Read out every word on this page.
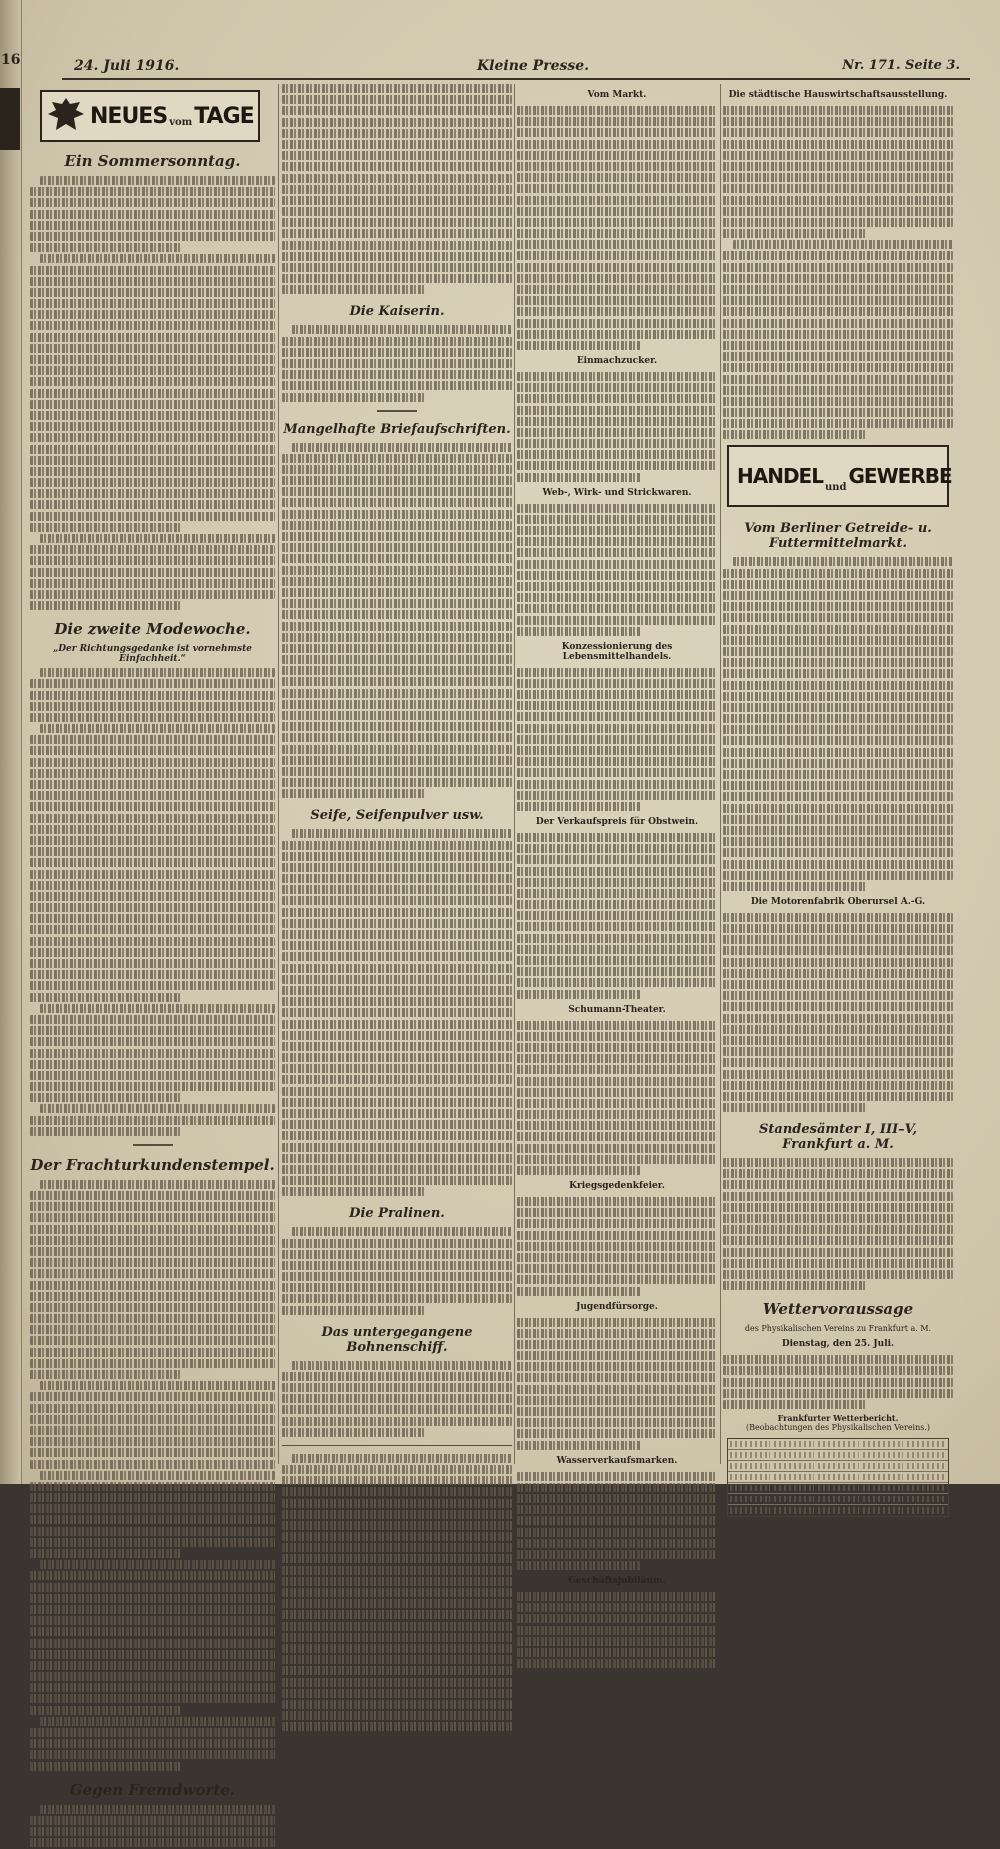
16	24. Juli 1916.	Kleine Presse.	Nr. 171. Seite 3.
NEUES vom TAGE
Ein Sommersonntag.
Die zweite Modewoche.
„Der Richtungsgedanke ist vornehmste Einfachheit.“
Der Frachturkundenstempel.
Gegen Fremdworte.
Die Kaiserin.
Mangelhafte Briefaufschriften.
Seife, Seifenpulver usw.
Die Pralinen.
Das untergegangene Bohnenschiff.
Vom Markt.
Einmachzucker.
Web-, Wirk- und Strickwaren.
Konzessionierung des Lebensmittelhandels.
Der Verkaufspreis für Obstwein.
Schumann-Theater.
Kriegsgedenkfeier.
Jugendfürsorge.
Wasserverkaufsmarken.
Geschäftsjubiläum.
Die städtische Hauswirtschaftsausstellung.
HANDEL und GEWERBE
Vom Berliner Getreide- u. Futtermittelmarkt.
Die Motorenfabrik Oberursel A.-G.
Standesämter I, III–V, Frankfurt a. M.
Wettervoraussage
des Physikalischen Vereins zu Frankfurt a. M.
Dienstag, den 25. Juli.
Frankfurter Wetterbericht.
(Beobachtungen des Physikalischen Vereins.)
